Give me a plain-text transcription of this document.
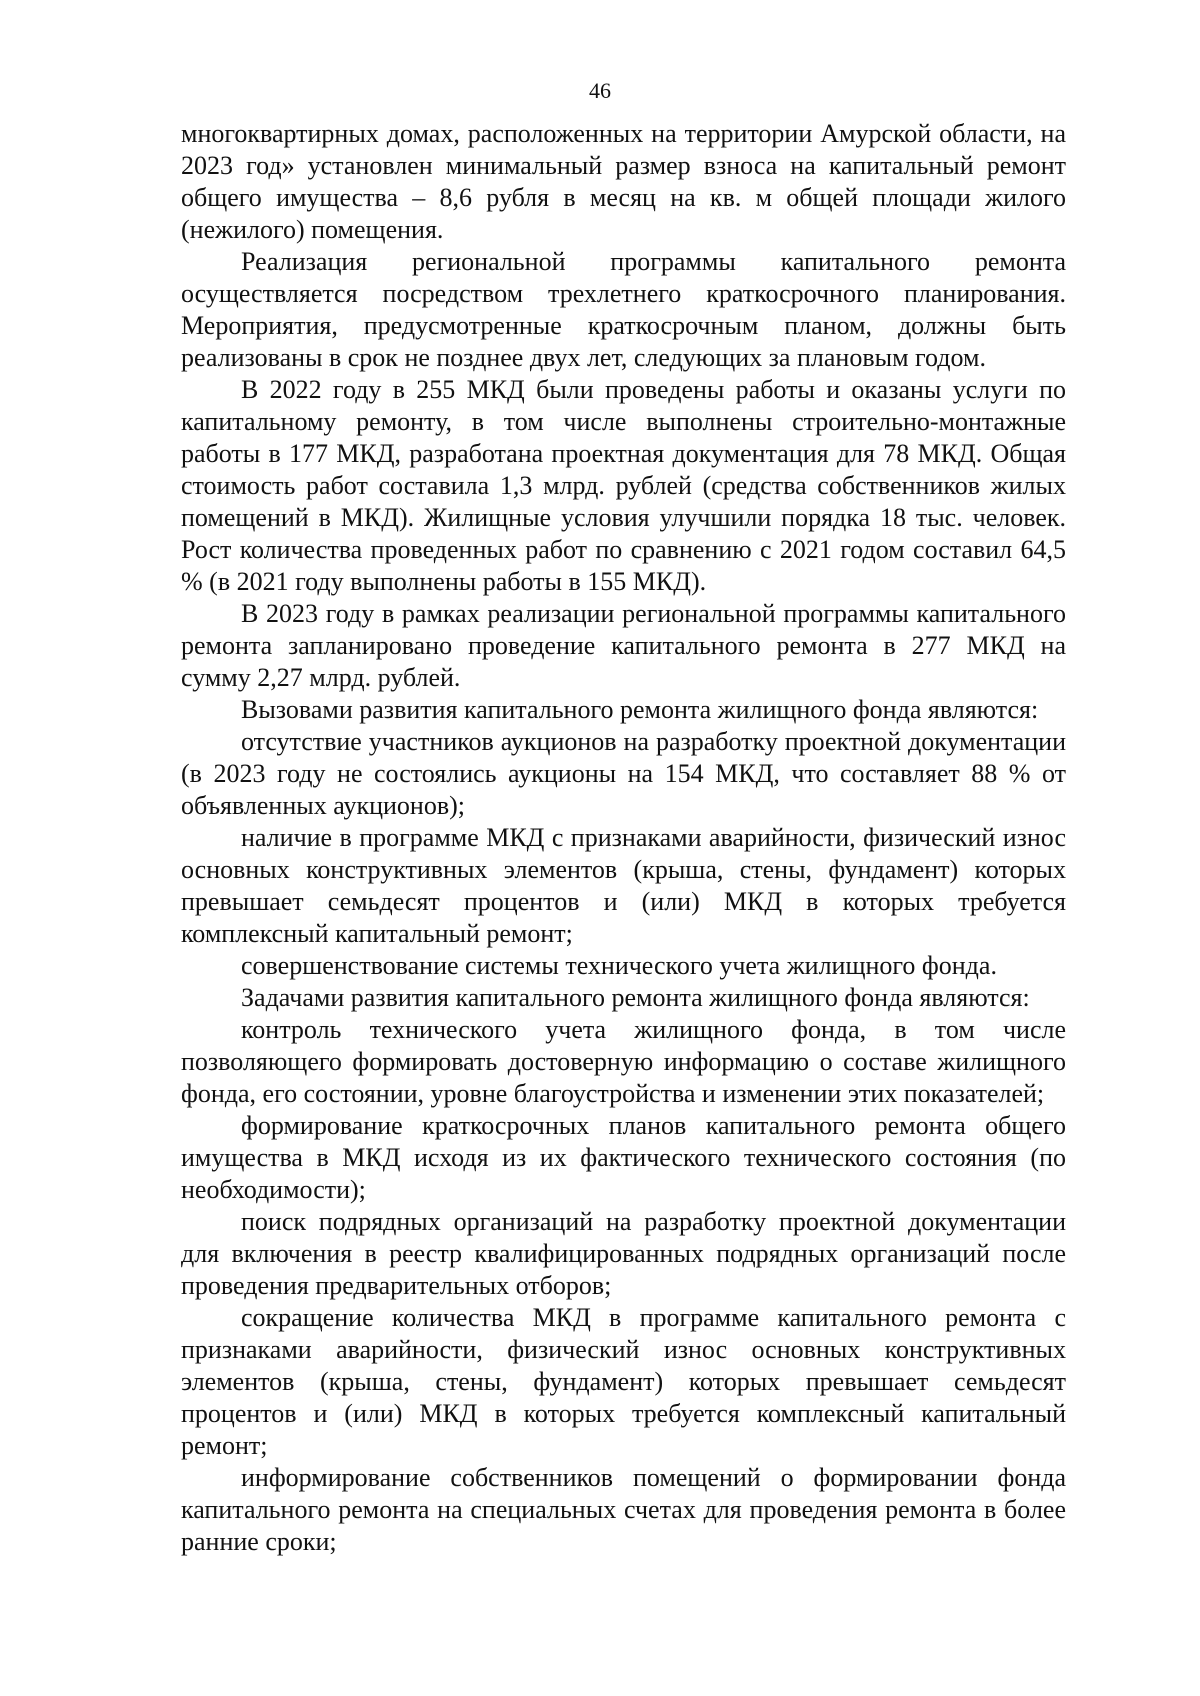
46

многоквартирных домах, расположенных на территории Амурской области, на 2023 год» установлен минимальный размер взноса на капитальный ремонт общего имущества – 8,6 рубля в месяц на кв. м общей площади жилого (нежилого) помещения.

Реализация региональной программы капитального ремонта осуществляется посредством трехлетнего краткосрочного планирования. Мероприятия, предусмотренные краткосрочным планом, должны быть реализованы в срок не позднее двух лет, следующих за плановым годом.

В 2022 году в 255 МКД были проведены работы и оказаны услуги по капитальному ремонту, в том числе выполнены строительно-монтажные работы в 177 МКД, разработана проектная документация для 78 МКД. Общая стоимость работ составила 1,3 млрд. рублей (средства собственников жилых помещений в МКД). Жилищные условия улучшили порядка 18 тыс. человек. Рост количества проведенных работ по сравнению с 2021 годом составил 64,5 % (в 2021 году выполнены работы в 155 МКД).

В 2023 году в рамках реализации региональной программы капитального ремонта запланировано проведение капитального ремонта в 277 МКД на сумму 2,27 млрд. рублей.

Вызовами развития капитального ремонта жилищного фонда являются:

отсутствие участников аукционов на разработку проектной документации (в 2023 году не состоялись аукционы на 154 МКД, что составляет 88 % от объявленных аукционов);

наличие в программе МКД с признаками аварийности, физический износ основных конструктивных элементов (крыша, стены, фундамент) которых превышает семьдесят процентов и (или) МКД в которых требуется комплексный капитальный ремонт;

совершенствование системы технического учета жилищного фонда.

Задачами развития капитального ремонта жилищного фонда являются:

контроль технического учета жилищного фонда, в том числе позволяющего формировать достоверную информацию о составе жилищного фонда, его состоянии, уровне благоустройства и изменении этих показателей;

формирование краткосрочных планов капитального ремонта общего имущества в МКД исходя из их фактического технического состояния (по необходимости);

поиск подрядных организаций на разработку проектной документации для включения в реестр квалифицированных подрядных организаций после проведения предварительных отборов;

сокращение количества МКД в программе капитального ремонта с признаками аварийности, физический износ основных конструктивных элементов (крыша, стены, фундамент) которых превышает семьдесят процентов и (или) МКД в которых требуется комплексный капитальный ремонт;

информирование собственников помещений о формировании фонда капитального ремонта на специальных счетах для проведения ремонта в более ранние сроки;
